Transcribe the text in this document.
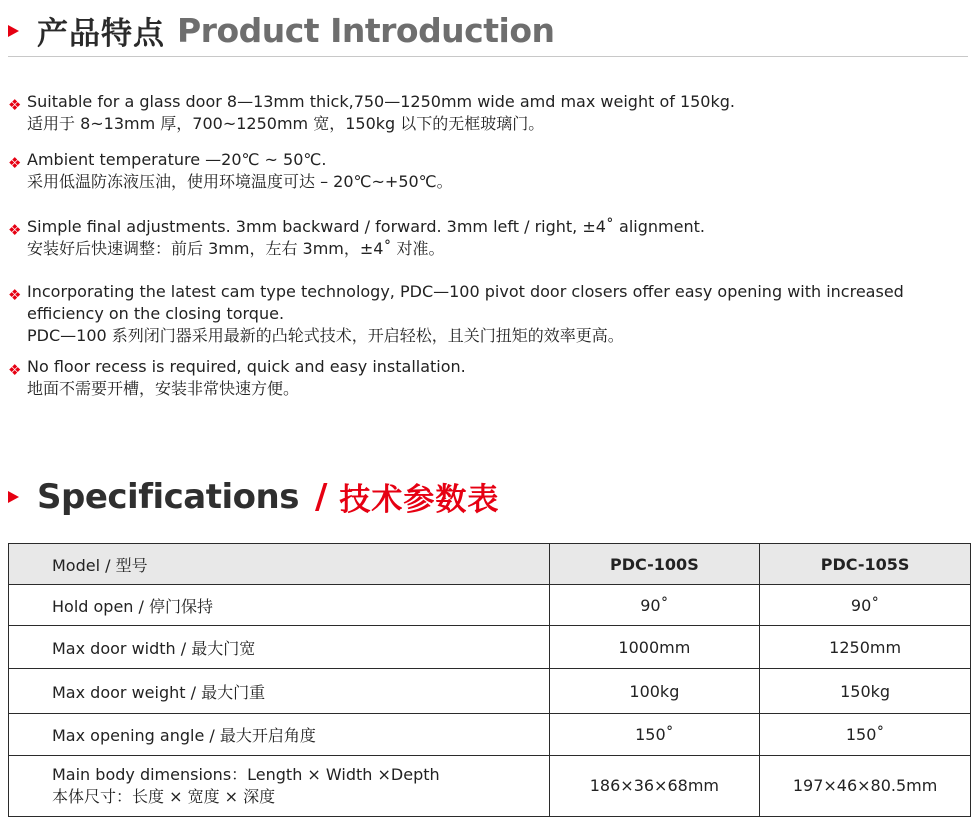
产品特点 Product Introduction
❖ Suitable for a glass door 8—13mm thick,750—1250mm wide amd max weight of 150kg.
适用于 8~13mm 厚，700~1250mm 宽，150kg 以下的无框玻璃门。
❖ Ambient temperature —20℃ ~ 50℃.
采用低温防冻液压油，使用环境温度可达 – 20℃~+50℃。
❖ Simple final adjustments. 3mm backward / forward. 3mm left / right, ±4˚ alignment.
安装好后快速调整：前后 3mm，左右 3mm，±4˚ 对准。
❖ Incorporating the latest cam type technology, PDC—100 pivot door closers offer easy opening with increased efficiency on the closing torque.
PDC—100 系列闭门器采用最新的凸轮式技术，开启轻松，且关门扭矩的效率更高。
❖ No floor recess is required, quick and easy installation.
地面不需要开槽，安装非常快速方便。
Specifications / 技术参数表
Model / 型号	PDC-100S	PDC-105S
Hold open / 停门保持	90˚	90˚
Max door width / 最大门宽	1000mm	1250mm
Max door weight / 最大门重	100kg	150kg
Max opening angle / 最大开启角度	150˚	150˚

Main body dimensions：Length × Width ×Depth
本体尺寸：长度 × 宽度 × 深度	186×36×68mm	197×46×80.5mm
